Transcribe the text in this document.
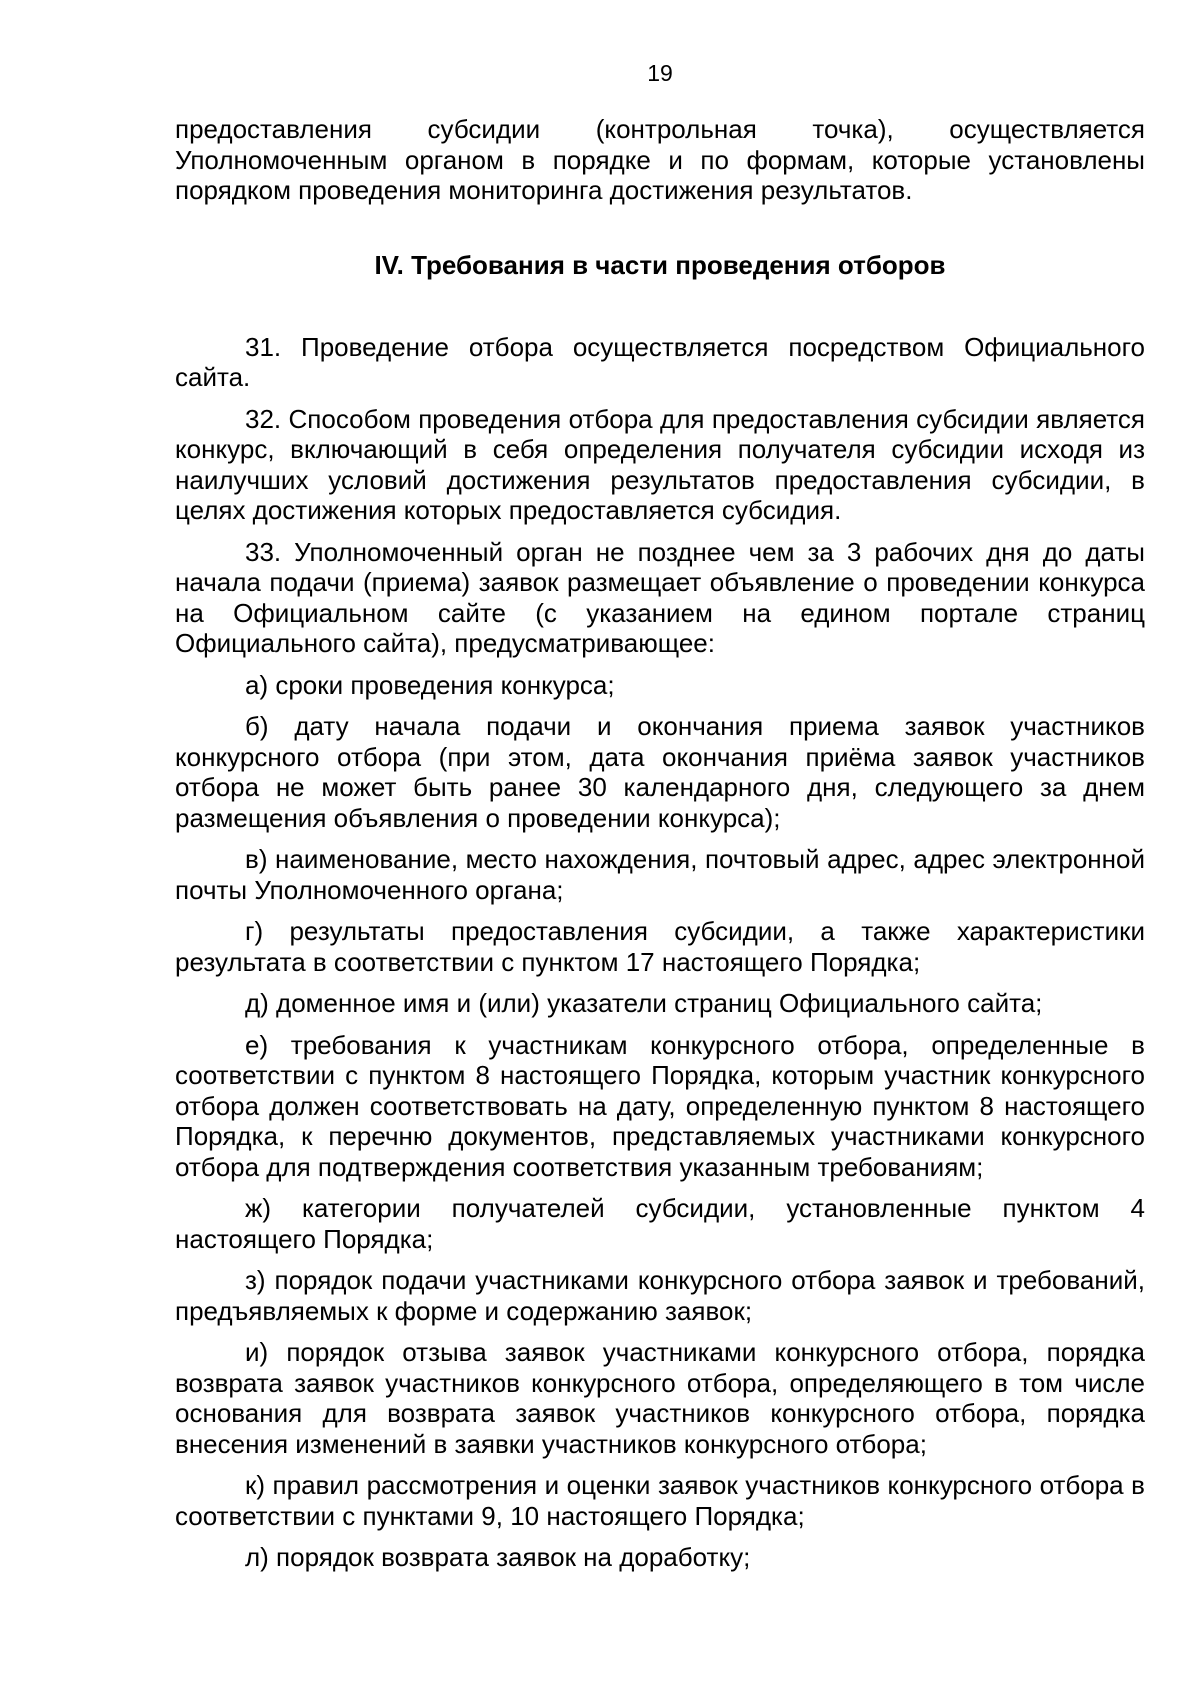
19

предоставления субсидии (контрольная точка), осуществляется Уполномоченным органом в порядке и по формам, которые установлены порядком проведения мониторинга достижения результатов.

IV. Требования в части проведения отборов

31. Проведение отбора осуществляется посредством Официального сайта.

32. Способом проведения отбора для предоставления субсидии является конкурс, включающий в себя определения получателя субсидии исходя из наилучших условий достижения результатов предоставления субсидии, в целях достижения которых предоставляется субсидия.

33. Уполномоченный орган не позднее чем за 3 рабочих дня до даты начала подачи (приема) заявок размещает объявление о проведении конкурса на Официальном сайте (с указанием на едином портале страниц Официального сайта), предусматривающее:

а) сроки проведения конкурса;

б) дату начала подачи и окончания приема заявок участников конкурсного отбора (при этом, дата окончания приёма заявок участников отбора не может быть ранее 30 календарного дня, следующего за днем размещения объявления о проведении конкурса);

в) наименование, место нахождения, почтовый адрес, адрес электронной почты Уполномоченного органа;

г) результаты предоставления субсидии, а также характеристики результата в соответствии с пунктом 17 настоящего Порядка;

д) доменное имя и (или) указатели страниц Официального сайта;

е) требования к участникам конкурсного отбора, определенные в соответствии с пунктом 8 настоящего Порядка, которым участник конкурсного отбора должен соответствовать на дату, определенную пунктом 8 настоящего Порядка, к перечню документов, представляемых участниками конкурсного отбора для подтверждения соответствия указанным требованиям;

ж) категории получателей субсидии, установленные пунктом 4 настоящего Порядка;

з) порядок подачи участниками конкурсного отбора заявок и требований, предъявляемых к форме и содержанию заявок;

и) порядок отзыва заявок участниками конкурсного отбора, порядка возврата заявок участников конкурсного отбора, определяющего в том числе основания для возврата заявок участников конкурсного отбора, порядка внесения изменений в заявки участников конкурсного отбора;

к) правил рассмотрения и оценки заявок участников конкурсного отбора в соответствии с пунктами 9, 10 настоящего Порядка;

л) порядок возврата заявок на доработку;
